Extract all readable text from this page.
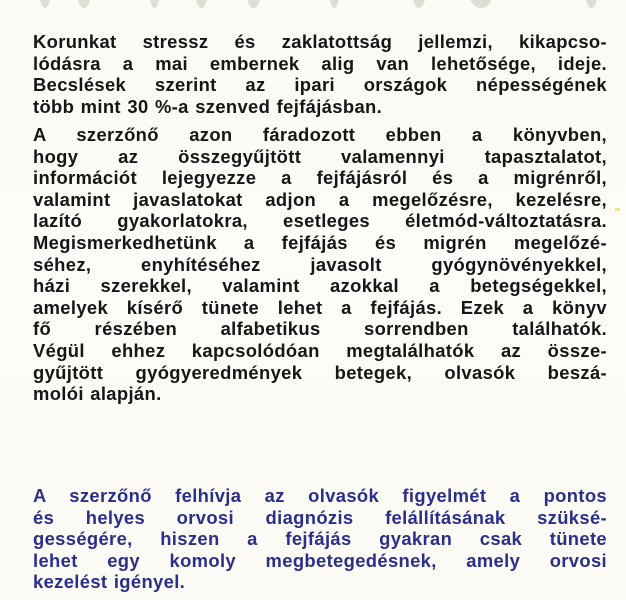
Korunkat stressz és zaklatottság jellemzi, kikapcso-
lódásra a mai embernek alig van lehetősége, ideje.
Becslések szerint az ipari országok népességének
több mint 30 %-a szenved fejfájásban.

A szerzőnő azon fáradozott ebben a könyvben,
hogy az összegyűjtött valamennyi tapasztalatot,
információt lejegyezze a fejfájásról és a migrénről,
valamint javaslatokat adjon a megelőzésre, kezelésre,
lazító gyakorlatokra, esetleges életmód-változtatásra.
Megismerkedhetünk a fejfájás és migrén megelőzé-
séhez, enyhítéséhez javasolt gyógynövényekkel,
házi szerekkel, valamint azokkal a betegségekkel,
amelyek kísérő tünete lehet a fejfájás. Ezek a könyv
fő részében alfabetikus sorrendben találhatók.
Végül ehhez kapcsolódóan megtalálhatók az össze-
gyűjtött gyógyeredmények betegek, olvasók beszá-
molói alapján.

A szerzőnő felhívja az olvasók figyelmét a pontos
és helyes orvosi diagnózis felállításának szüksé-
gességére, hiszen a fejfájás gyakran csak tünete
lehet egy komoly megbetegedésnek, amely orvosi
kezelést igényel.
